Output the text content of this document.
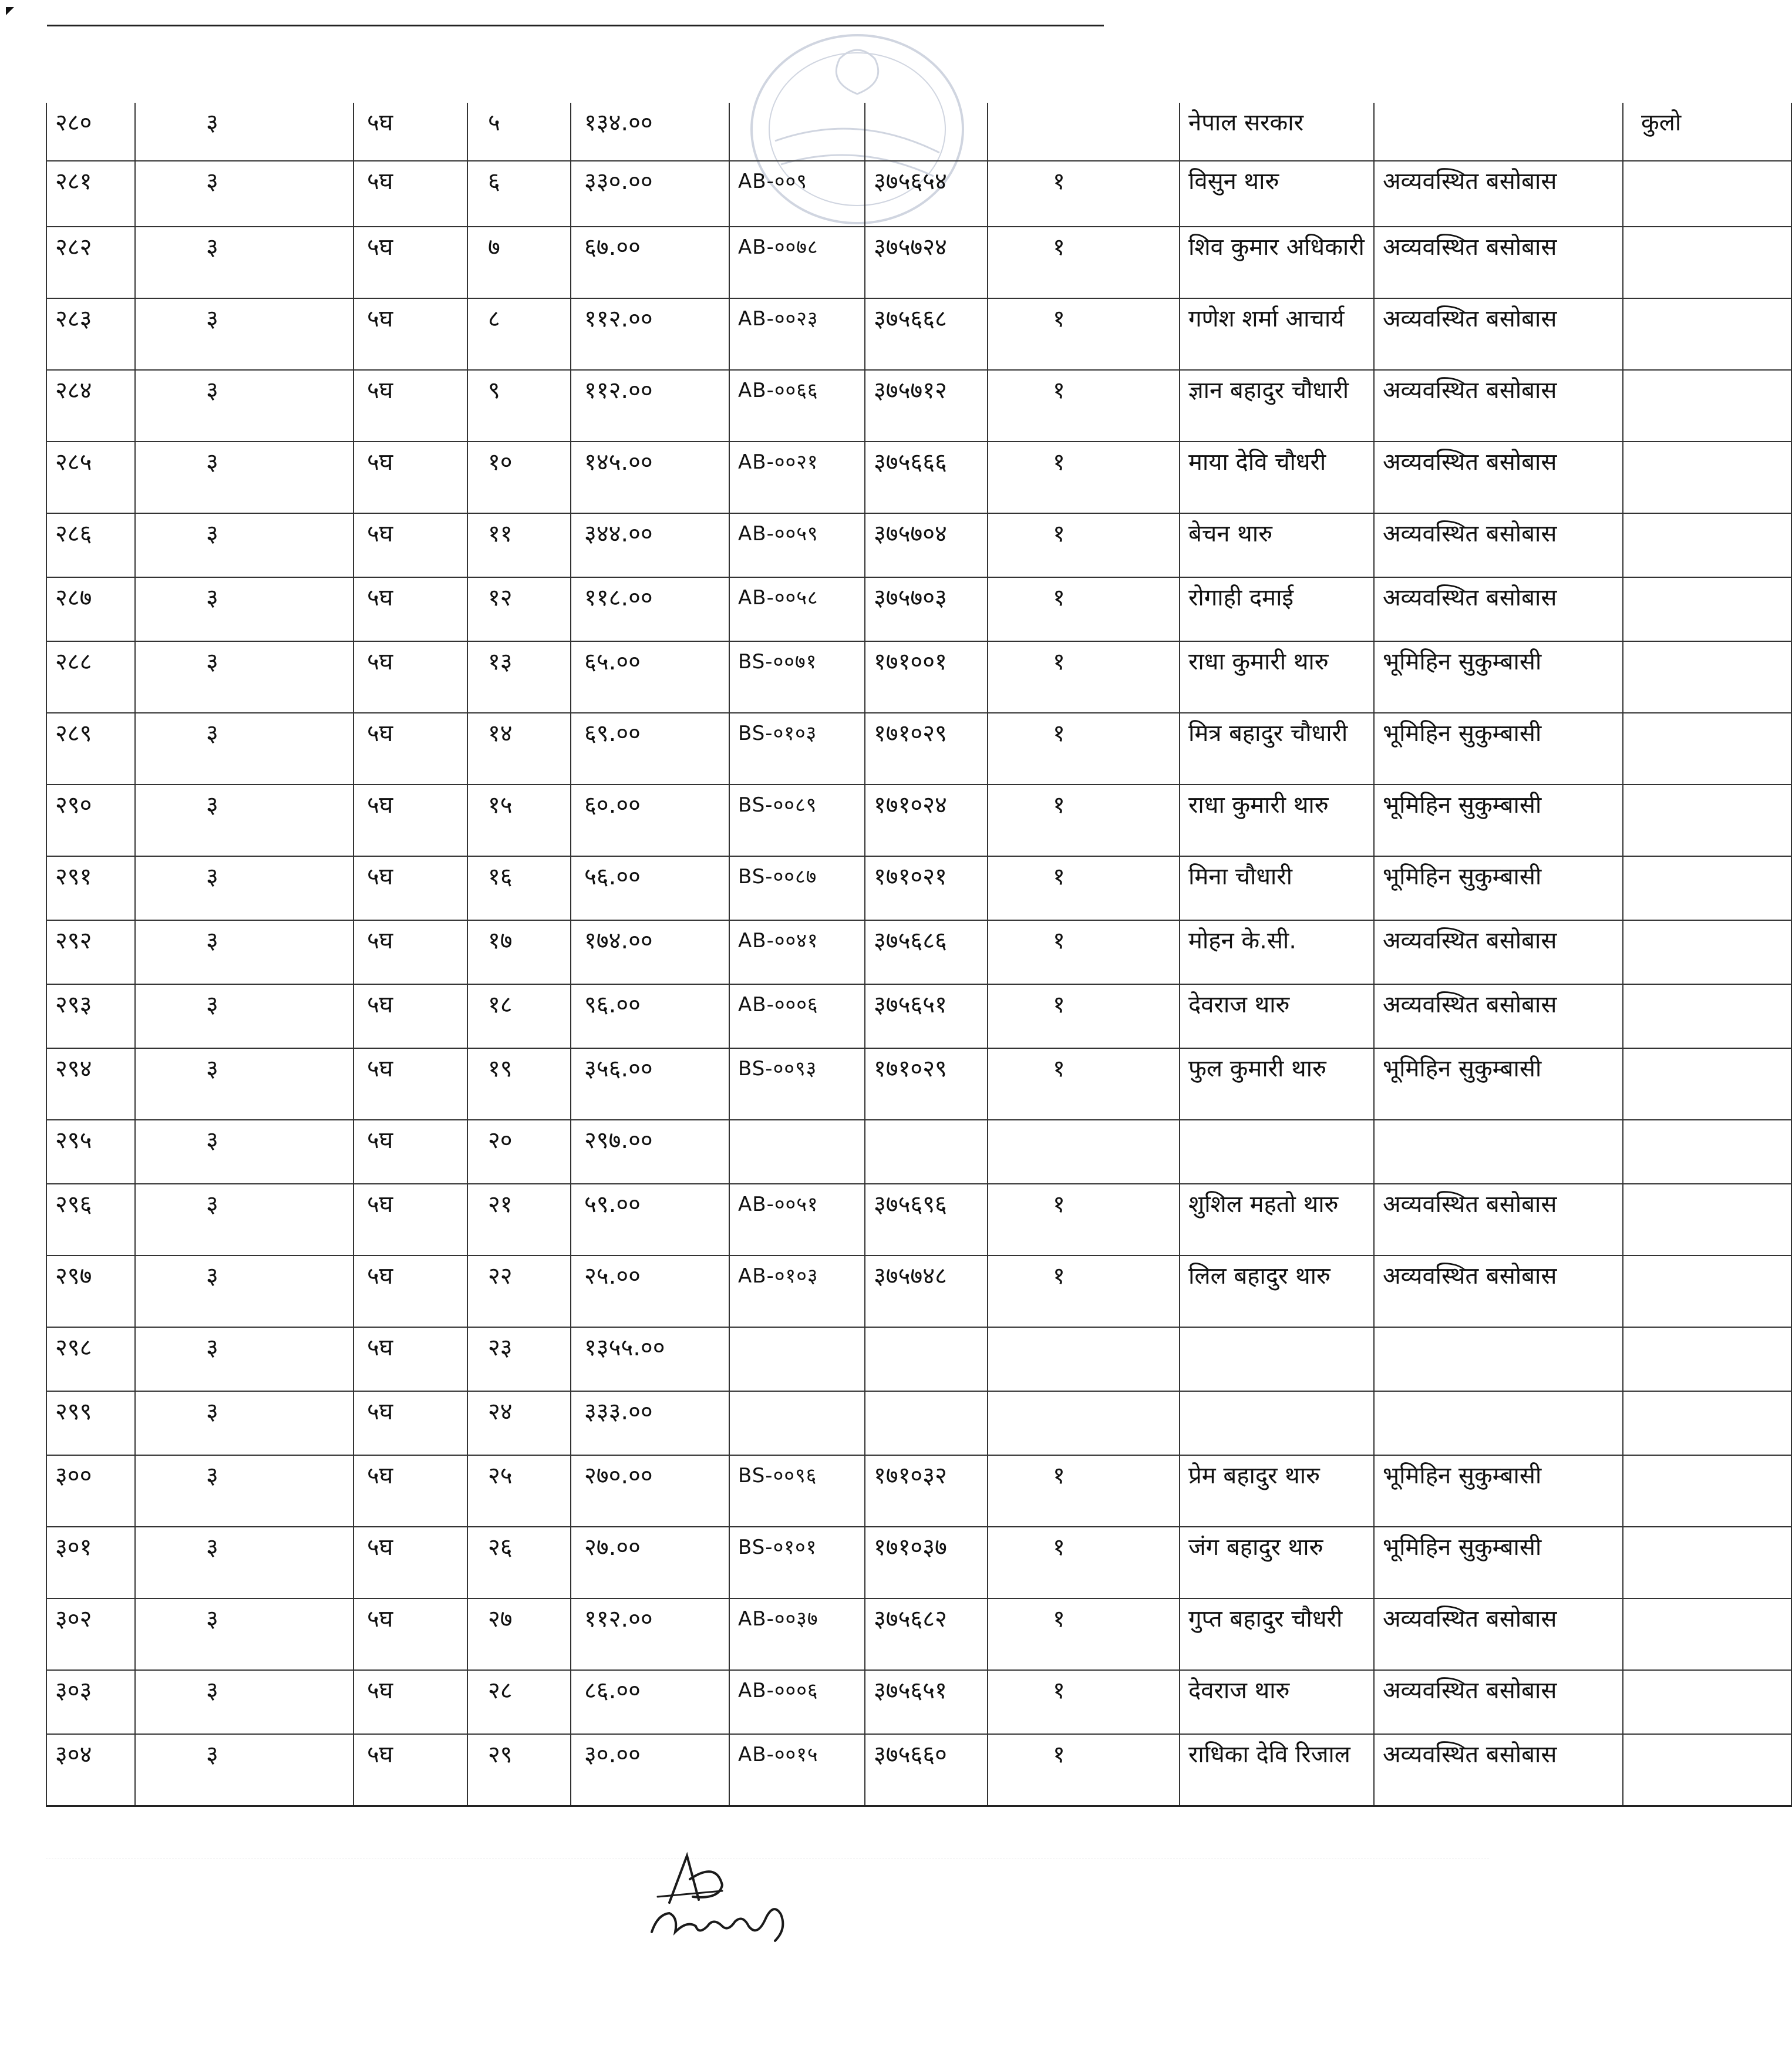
२८०	३	५घ	५	१३४.००				नेपाल सरकार		कुलो
२८१	३	५घ	६	३३०.००	AB-००९	३७५६५४	१	विसुन थारु	अव्यवस्थित बसोबास	
२८२	३	५घ	७	६७.००	AB-००७८	३७५७२४	१	शिव कुमार अधिकारी	अव्यवस्थित बसोबास	
२८३	३	५घ	८	११२.००	AB-००२३	३७५६६८	१	गणेश शर्मा आचार्य	अव्यवस्थित बसोबास	
२८४	३	५घ	९	११२.००	AB-००६६	३७५७१२	१	ज्ञान बहादुर चौधारी	अव्यवस्थित बसोबास	
२८५	३	५घ	१०	१४५.००	AB-००२१	३७५६६६	१	माया देवि चौधरी	अव्यवस्थित बसोबास	
२८६	३	५घ	११	३४४.००	AB-००५९	३७५७०४	१	बेचन थारु	अव्यवस्थित बसोबास	
२८७	३	५घ	१२	११८.००	AB-००५८	३७५७०३	१	रोगाही दमाई	अव्यवस्थित बसोबास	
२८८	३	५घ	१३	६५.००	BS-००७१	१७१००१	१	राधा कुमारी थारु	भूमिहिन सुकुम्बासी	
२८९	३	५घ	१४	६९.००	BS-०१०३	१७१०२९	१	मित्र बहादुर चौधारी	भूमिहिन सुकुम्बासी	
२९०	३	५घ	१५	६०.००	BS-००८९	१७१०२४	१	राधा कुमारी थारु	भूमिहिन सुकुम्बासी	
२९१	३	५घ	१६	५६.००	BS-००८७	१७१०२१	१	मिना चौधारी	भूमिहिन सुकुम्बासी	
२९२	३	५घ	१७	१७४.००	AB-००४१	३७५६८६	१	मोहन के.सी.	अव्यवस्थित बसोबास	
२९३	३	५घ	१८	९६.००	AB-०००६	३७५६५१	१	देवराज थारु	अव्यवस्थित बसोबास	
२९४	३	५घ	१९	३५६.००	BS-००९३	१७१०२९	१	फुल कुमारी थारु	भूमिहिन सुकुम्बासी	
२९५	३	५घ	२०	२९७.००						
२९६	३	५घ	२१	५९.००	AB-००५१	३७५६९६	१	शुशिल महतो थारु	अव्यवस्थित बसोबास	
२९७	३	५घ	२२	२५.००	AB-०१०३	३७५७४८	१	लिल बहादुर थारु	अव्यवस्थित बसोबास	
२९८	३	५घ	२३	१३५५.००						
२९९	३	५घ	२४	३३३.००						
३००	३	५घ	२५	२७०.००	BS-००९६	१७१०३२	१	प्रेम बहादुर थारु	भूमिहिन सुकुम्बासी	
३०१	३	५घ	२६	२७.००	BS-०१०१	१७१०३७	१	जंग बहादुर थारु	भूमिहिन सुकुम्बासी	
३०२	३	५घ	२७	११२.००	AB-००३७	३७५६८२	१	गुप्त बहादुर चौधरी	अव्यवस्थित बसोबास	
३०३	३	५घ	२८	८६.००	AB-०००६	३७५६५१	१	देवराज थारु	अव्यवस्थित बसोबास	
३०४	३	५घ	२९	३०.००	AB-००१५	३७५६६०	१	राधिका देवि रिजाल	अव्यवस्थित बसोबास	
